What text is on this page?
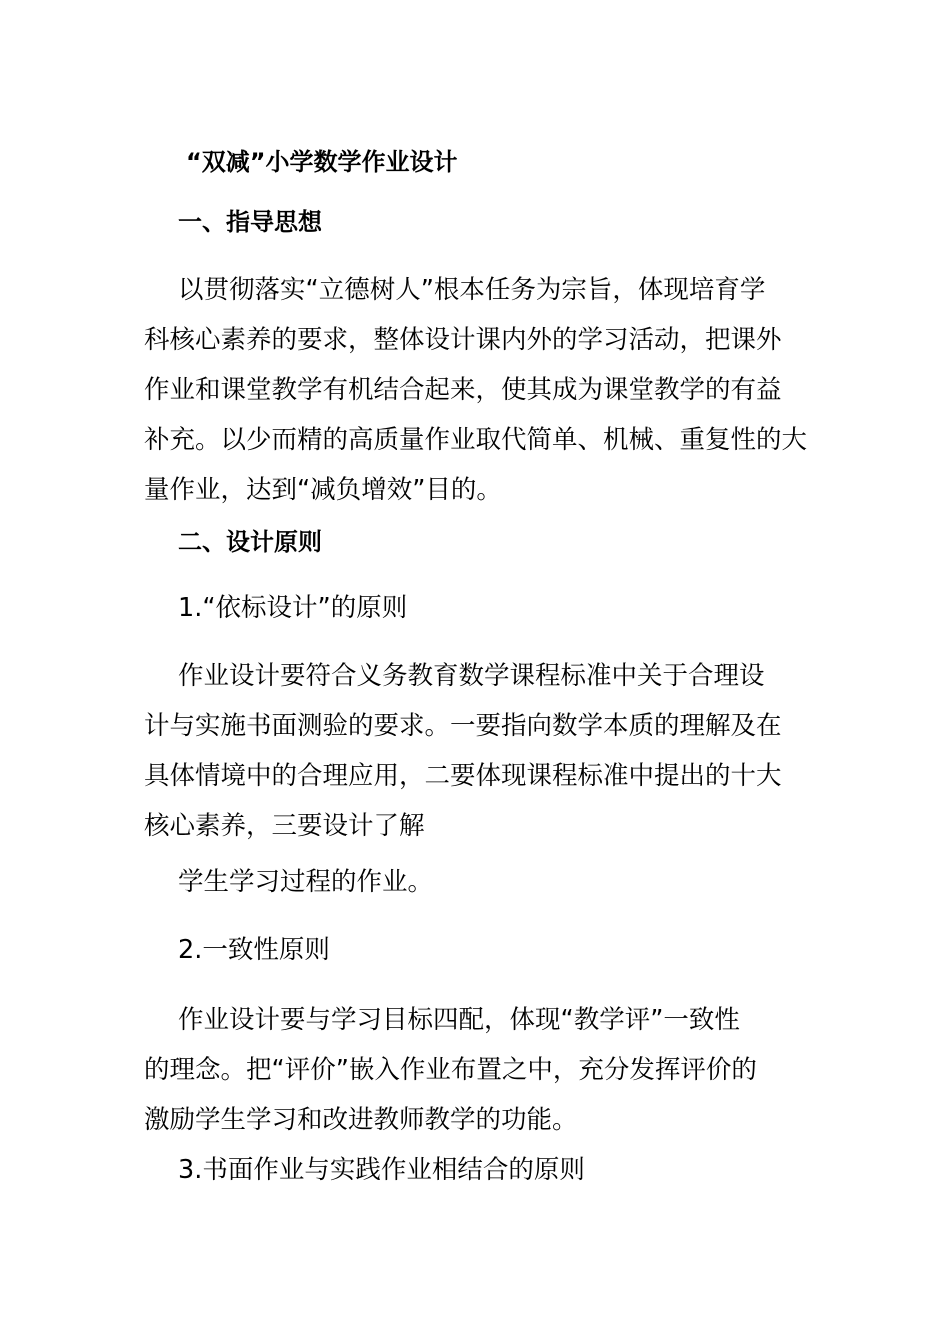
“双减”小学数学作业设计
一、指导思想
以贯彻落实“立德树人”根本任务为宗旨，体现培育学
科核心素养的要求，整体设计课内外的学习活动，把课外
作业和课堂教学有机结合起来，使其成为课堂教学的有益
补充。以少而精的高质量作业取代简单、机械、重复性的大
量作业，达到“减负增效”目的。
二、设计原则
1.“依标设计”的原则
作业设计要符合义务教育数学课程标准中关于合理设
计与实施书面测验的要求。一要指向数学本质的理解及在
具体情境中的合理应用，二要体现课程标准中提出的十大
核心素养，三要设计了解
学生学习过程的作业。
2.一致性原则
作业设计要与学习目标四配，体现“教学评”一致性
的理念。把“评价”嵌入作业布置之中，充分发挥评价的
激励学生学习和改进教师教学的功能。
3.书面作业与实践作业相结合的原则
